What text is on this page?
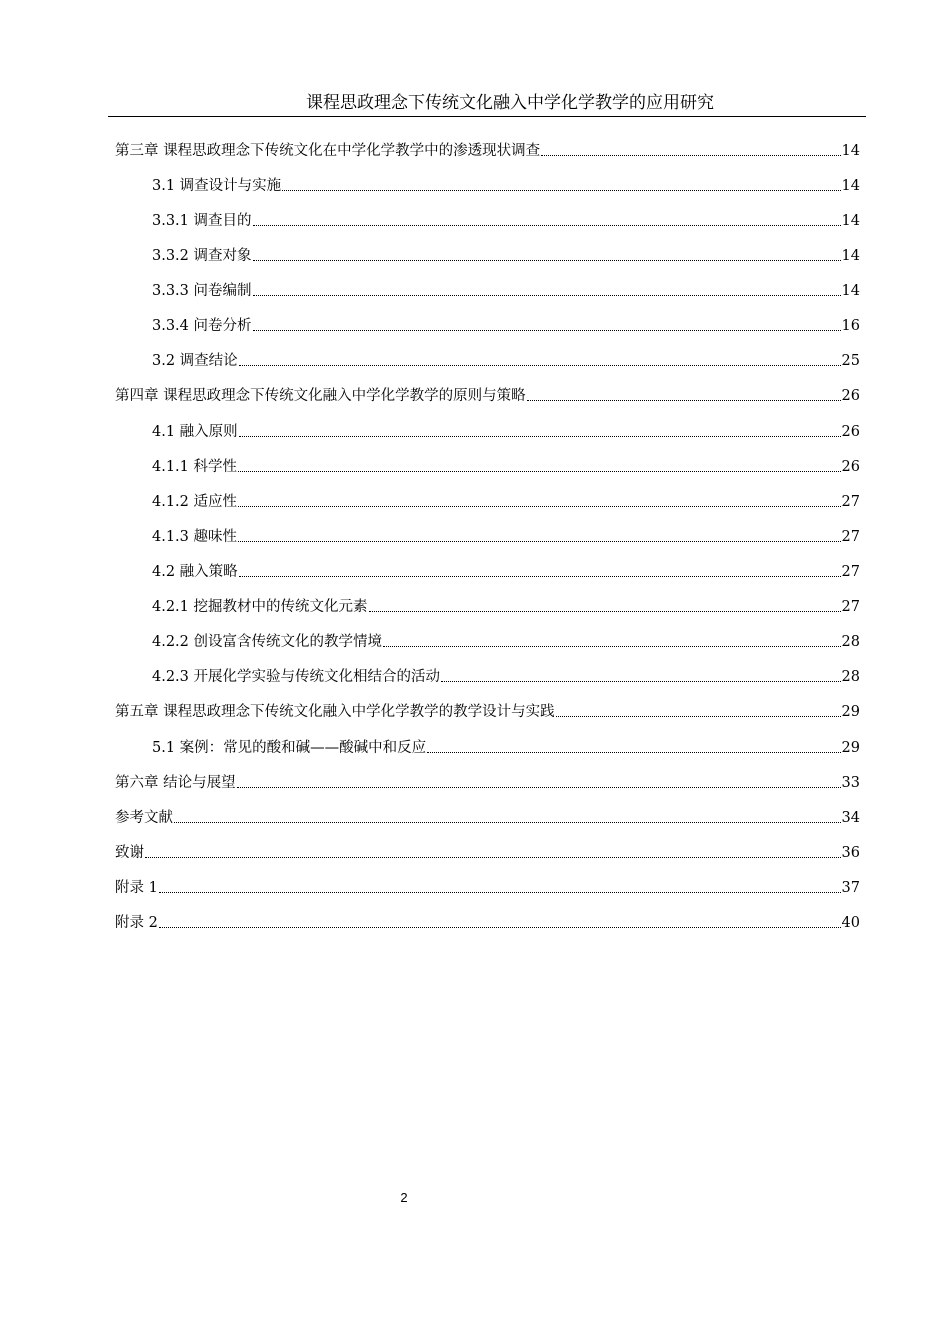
课程思政理念下传统文化融入中学化学教学的应用研究
第三章 课程思政理念下传统文化在中学化学教学中的渗透现状调查	14
3.1 调查设计与实施	14
3.3.1 调查目的	14
3.3.2 调查对象	14
3.3.3 问卷编制	14
3.3.4 问卷分析	16
3.2 调查结论	25
第四章 课程思政理念下传统文化融入中学化学教学的原则与策略	26
4.1 融入原则	26
4.1.1 科学性	26
4.1.2 适应性	27
4.1.3 趣味性	27
4.2 融入策略	27
4.2.1 挖掘教材中的传统文化元素	27
4.2.2 创设富含传统文化的教学情境	28
4.2.3 开展化学实验与传统文化相结合的活动	28
第五章 课程思政理念下传统文化融入中学化学教学的教学设计与实践	29
5.1 案例：常见的酸和碱——酸碱中和反应	29
第六章 结论与展望	33
参考文献	34
致谢	36
附录 1	37
附录 2	40
2
